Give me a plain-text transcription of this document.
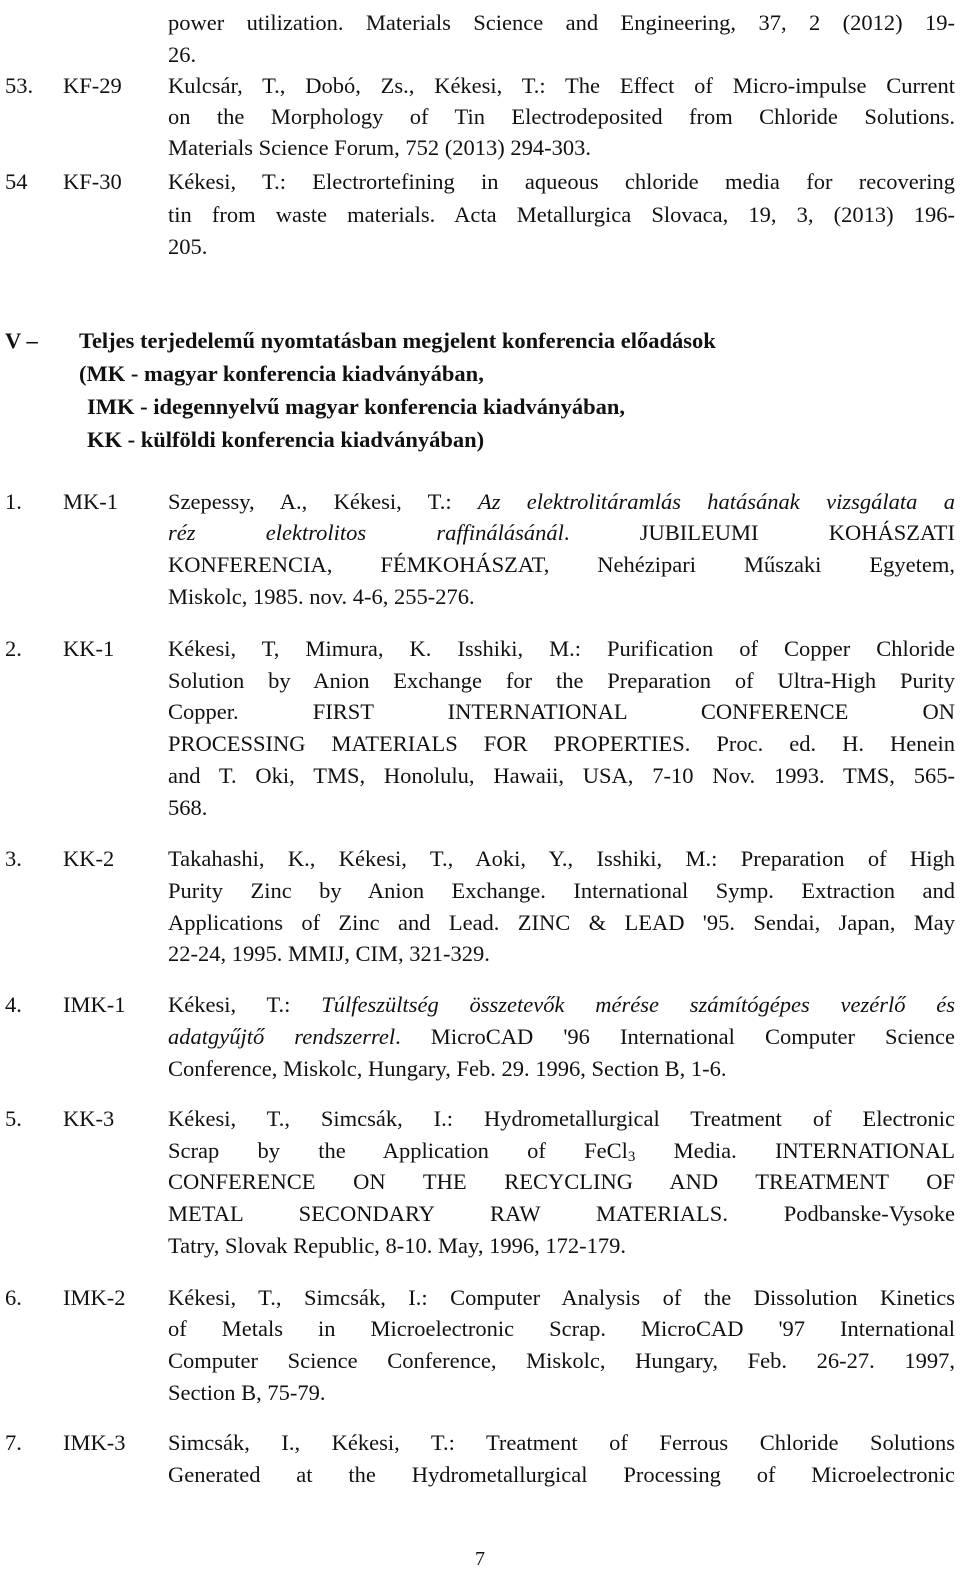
power utilization. Materials Science and Engineering, 37, 2 (2012) 19-
26.
53. KF-29 Kulcsár, T., Dobó, Zs., Kékesi, T.: The Effect of Micro-impulse Current
on the Morphology of Tin Electrodeposited from Chloride Solutions.
Materials Science Forum, 752 (2013) 294-303.
54 KF-30 Kékesi, T.: Electrortefining in aqueous chloride media for recovering
tin from waste materials. Acta Metallurgica Slovaca, 19, 3, (2013) 196-
205.
V – Teljes terjedelemű nyomtatásban megjelent konferencia előadások
(MK - magyar konferencia kiadványában,
IMK - idegennyelvű magyar konferencia kiadványában,
KK - külföldi konferencia kiadványában)
1. MK-1 Szepessy, A., Kékesi, T.: Az elektrolitáramlás hatásának vizsgálata a
réz elektrolitos raffinálásánál. JUBILEUMI KOHÁSZATI
KONFERENCIA, FÉMKOHÁSZAT, Nehézipari Műszaki Egyetem,
Miskolc, 1985. nov. 4-6, 255-276.
2. KK-1 Kékesi, T, Mimura, K. Isshiki, M.: Purification of Copper Chloride
Solution by Anion Exchange for the Preparation of Ultra-High Purity
Copper. FIRST INTERNATIONAL CONFERENCE ON
PROCESSING MATERIALS FOR PROPERTIES. Proc. ed. H. Henein
and T. Oki, TMS, Honolulu, Hawaii, USA, 7-10 Nov. 1993. TMS, 565-
568.
3. KK-2 Takahashi, K., Kékesi, T., Aoki, Y., Isshiki, M.: Preparation of High
Purity Zinc by Anion Exchange. International Symp. Extraction and
Applications of Zinc and Lead. ZINC & LEAD '95. Sendai, Japan, May
22-24, 1995. MMIJ, CIM, 321-329.
4. IMK-1 Kékesi, T.: Túlfeszültség összetevők mérése számítógépes vezérlő és
adatgyűjtő rendszerrel. MicroCAD '96 International Computer Science
Conference, Miskolc, Hungary, Feb. 29. 1996, Section B, 1-6.
5. KK-3 Kékesi, T., Simcsák, I.: Hydrometallurgical Treatment of Electronic
Scrap by the Application of FeCl$_3$ Media. INTERNATIONAL
CONFERENCE ON THE RECYCLING AND TREATMENT OF
METAL SECONDARY RAW MATERIALS. Podbanske-Vysoke
Tatry, Slovak Republic, 8-10. May, 1996, 172-179.
6. IMK-2 Kékesi, T., Simcsák, I.: Computer Analysis of the Dissolution Kinetics
of Metals in Microelectronic Scrap. MicroCAD '97 International
Computer Science Conference, Miskolc, Hungary, Feb. 26-27. 1997,
Section B, 75-79.
7. IMK-3 Simcsák, I., Kékesi, T.: Treatment of Ferrous Chloride Solutions
Generated at the Hydrometallurgical Processing of Microelectronic
7
